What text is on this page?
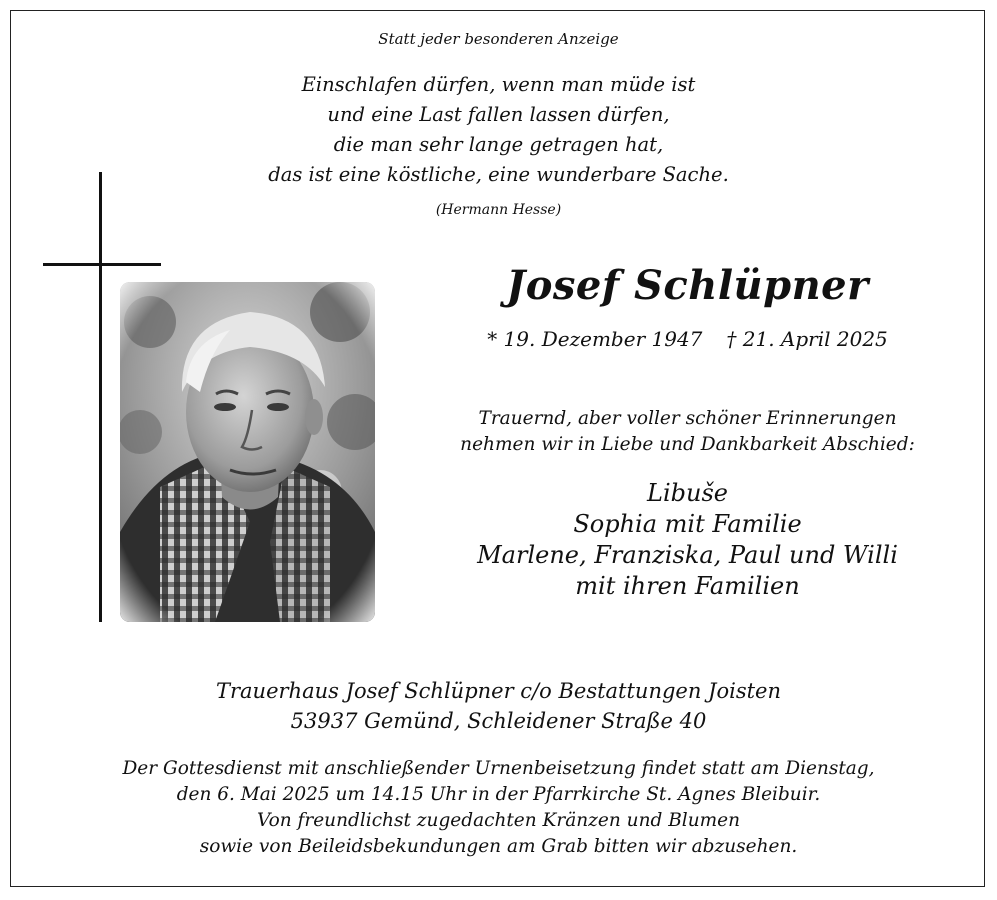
Statt jeder besonderen Anzeige
Einschlafen dürfen, wenn man müde ist
und eine Last fallen lassen dürfen,
die man sehr lange getragen hat,
das ist eine köstliche, eine wunderbare Sache.
(Hermann Hesse)
Josef Schlüpner
* 19. Dezember 1947 † 21. April 2025
Trauernd, aber voller schöner Erinnerungen
nehmen wir in Liebe und Dankbarkeit Abschied:
Libuše
Sophia mit Familie
Marlene, Franziska, Paul und Willi
mit ihren Familien
Trauerhaus Josef Schlüpner c/o Bestattungen Joisten
53937 Gemünd, Schleidener Straße 40
Der Gottesdienst mit anschließender Urnenbeisetzung findet statt am Dienstag,
den 6. Mai 2025 um 14.15 Uhr in der Pfarrkirche St. Agnes Bleibuir.
Von freundlichst zugedachten Kränzen und Blumen
sowie von Beileidsbekundungen am Grab bitten wir abzusehen.
